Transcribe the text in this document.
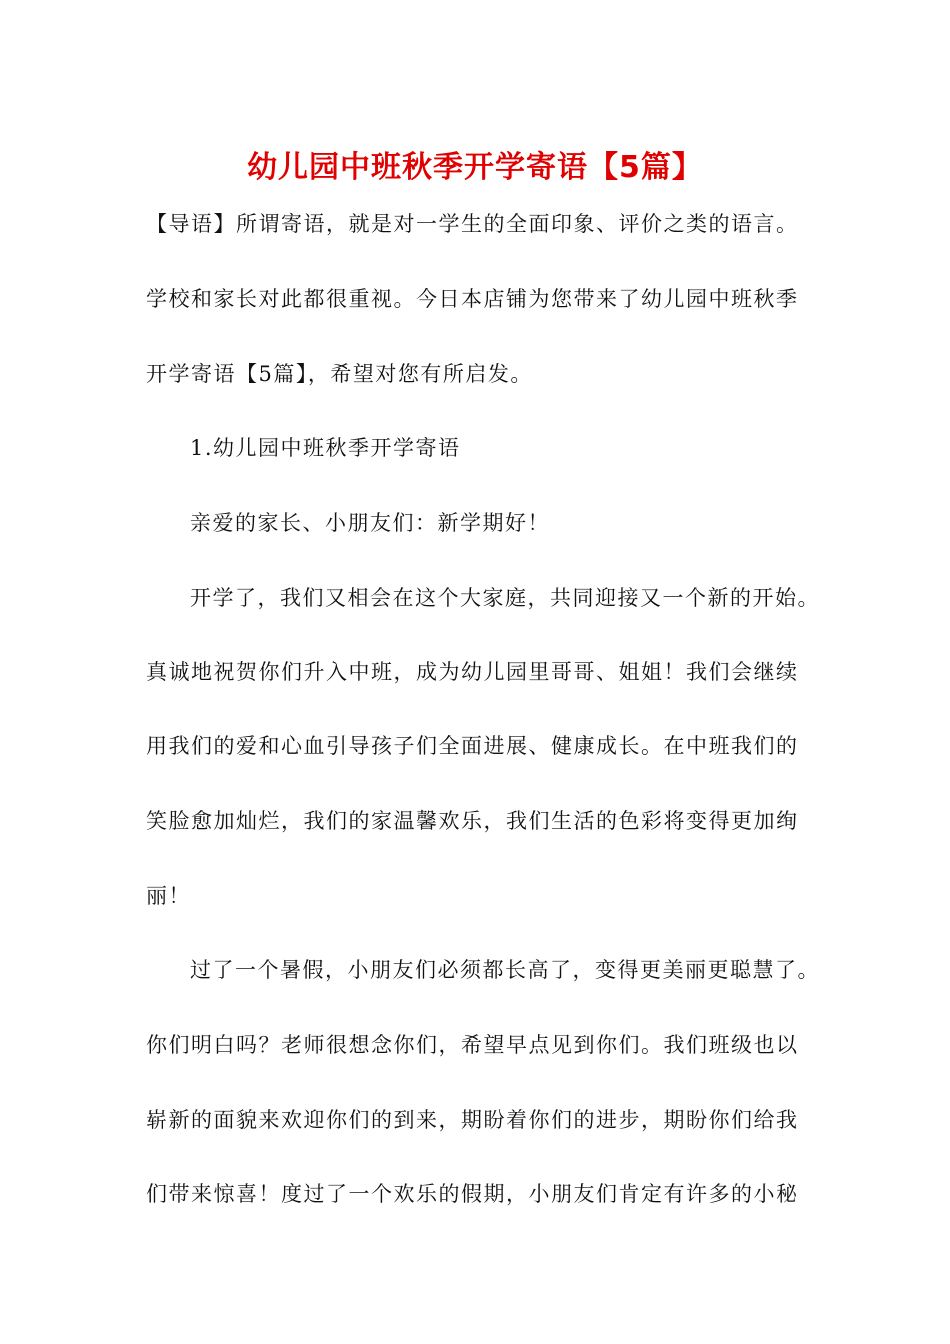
幼儿园中班秋季开学寄语【5篇】
【导语】所谓寄语，就是对一学生的全面印象、评价之类的语言。
学校和家长对此都很重视。今日本店铺为您带来了幼儿园中班秋季
开学寄语【5篇】，希望对您有所启发。
1.幼儿园中班秋季开学寄语
亲爱的家长、小朋友们：新学期好！
开学了，我们又相会在这个大家庭，共同迎接又一个新的开始。
真诚地祝贺你们升入中班，成为幼儿园里哥哥、姐姐！我们会继续
用我们的爱和心血引导孩子们全面进展、健康成长。在中班我们的
笑脸愈加灿烂，我们的家温馨欢乐，我们生活的色彩将变得更加绚
丽！
过了一个暑假，小朋友们必须都长高了，变得更美丽更聪慧了。
你们明白吗？老师很想念你们，希望早点见到你们。我们班级也以
崭新的面貌来欢迎你们的到来，期盼着你们的进步，期盼你们给我
们带来惊喜！度过了一个欢乐的假期，小朋友们肯定有许多的小秘
